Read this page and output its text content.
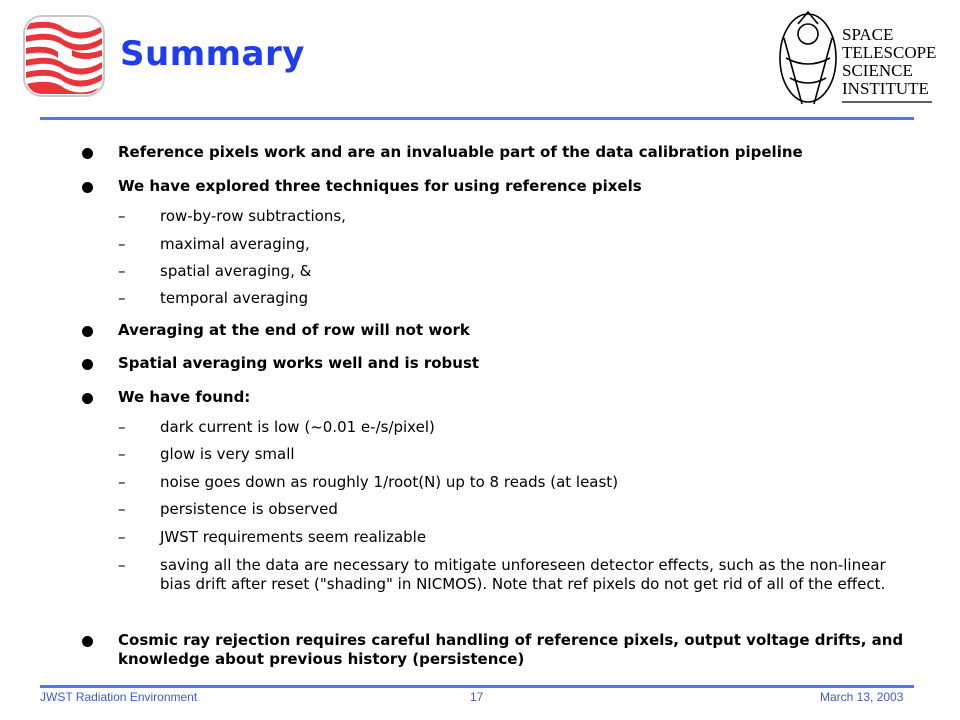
Summary	SPACE
TELESCOPE
SCIENCE
INSTITUTE
Reference pixels work and are an invaluable part of the data calibration pipeline
We have explored three techniques for using reference pixels
– row-by-row subtractions,
– maximal averaging,
– spatial averaging, &
– temporal averaging
Averaging at the end of row will not work
Spatial averaging works well and is robust
We have found:
– dark current is low (~0.01 e-/s/pixel)
– glow is very small
– noise goes down as roughly 1/root(N) up to 8 reads (at least)
– persistence is observed
– JWST requirements seem realizable
– saving all the data are necessary to mitigate unforeseen detector effects, such as the non-linear bias drift after reset ("shading" in NICMOS). Note that ref pixels do not get rid of all of the effect.
Cosmic ray rejection requires careful handling of reference pixels, output voltage drifts, and knowledge about previous history (persistence)
JWST Radiation Environment	17	March 13, 2003
